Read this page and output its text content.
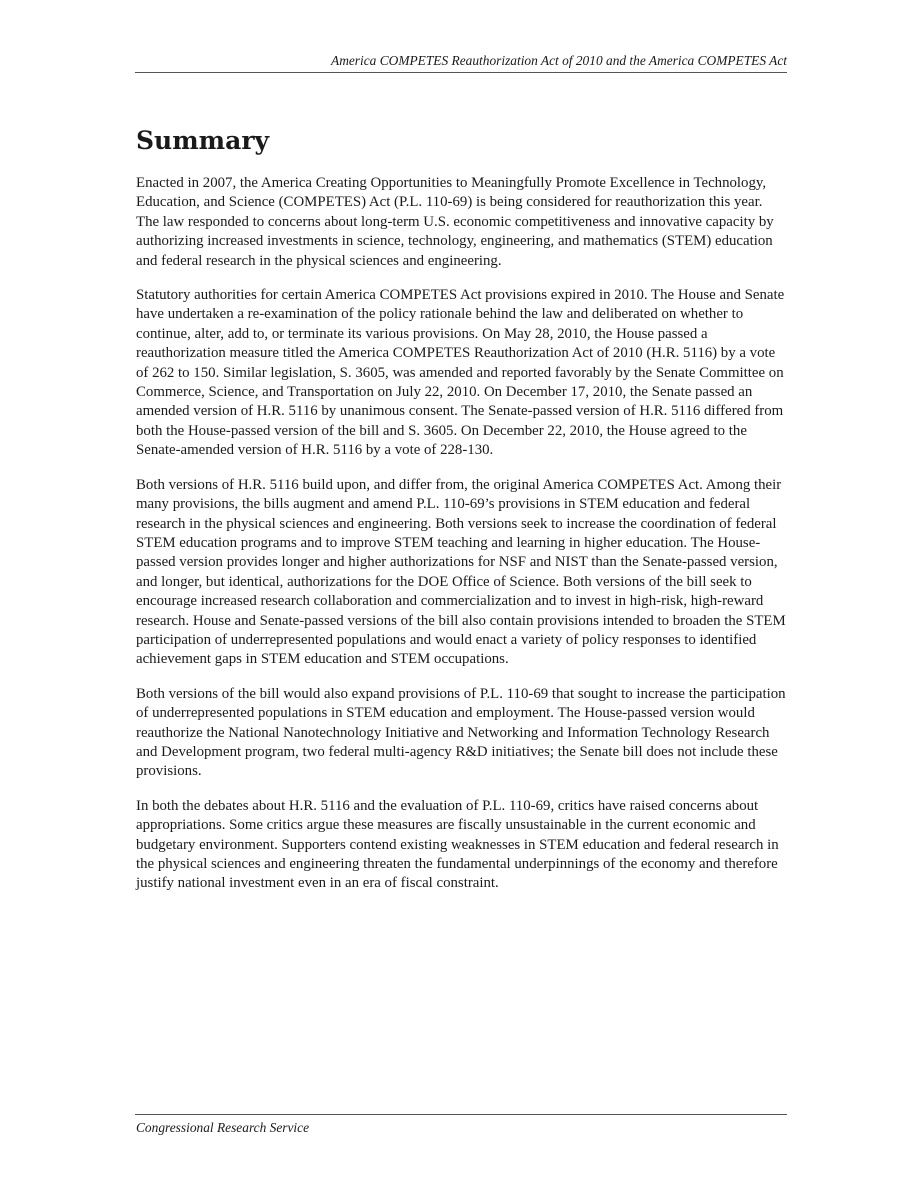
America COMPETES Reauthorization Act of 2010 and the America COMPETES Act
Summary

Enacted in 2007, the America Creating Opportunities to Meaningfully Promote Excellence in Technology, Education, and Science (COMPETES) Act (P.L. 110-69) is being considered for reauthorization this year. The law responded to concerns about long-term U.S. economic competitiveness and innovative capacity by authorizing increased investments in science, technology, engineering, and mathematics (STEM) education and federal research in the physical sciences and engineering.

Statutory authorities for certain America COMPETES Act provisions expired in 2010. The House and Senate have undertaken a re-examination of the policy rationale behind the law and deliberated on whether to continue, alter, add to, or terminate its various provisions. On May 28, 2010, the House passed a reauthorization measure titled the America COMPETES Reauthorization Act of 2010 (H.R. 5116) by a vote of 262 to 150. Similar legislation, S. 3605, was amended and reported favorably by the Senate Committee on Commerce, Science, and Transportation on July 22, 2010. On December 17, 2010, the Senate passed an amended version of H.R. 5116 by unanimous consent. The Senate-passed version of H.R. 5116 differed from both the House-passed version of the bill and S. 3605. On December 22, 2010, the House agreed to the Senate-amended version of H.R. 5116 by a vote of 228-130.

Both versions of H.R. 5116 build upon, and differ from, the original America COMPETES Act. Among their many provisions, the bills augment and amend P.L. 110-69’s provisions in STEM education and federal research in the physical sciences and engineering. Both versions seek to increase the coordination of federal STEM education programs and to improve STEM teaching and learning in higher education. The House-passed version provides longer and higher authorizations for NSF and NIST than the Senate-passed version, and longer, but identical, authorizations for the DOE Office of Science. Both versions of the bill seek to encourage increased research collaboration and commercialization and to invest in high-risk, high-reward research. House and Senate-passed versions of the bill also contain provisions intended to broaden the STEM participation of underrepresented populations and would enact a variety of policy responses to identified achievement gaps in STEM education and STEM occupations.

Both versions of the bill would also expand provisions of P.L. 110-69 that sought to increase the participation of underrepresented populations in STEM education and employment. The House-passed version would reauthorize the National Nanotechnology Initiative and Networking and Information Technology Research and Development program, two federal multi-agency R&D initiatives; the Senate bill does not include these provisions.

In both the debates about H.R. 5116 and the evaluation of P.L. 110-69, critics have raised concerns about appropriations. Some critics argue these measures are fiscally unsustainable in the current economic and budgetary environment. Supporters contend existing weaknesses in STEM education and federal research in the physical sciences and engineering threaten the fundamental underpinnings of the economy and therefore justify national investment even in an era of fiscal constraint.

Congressional Research Service
